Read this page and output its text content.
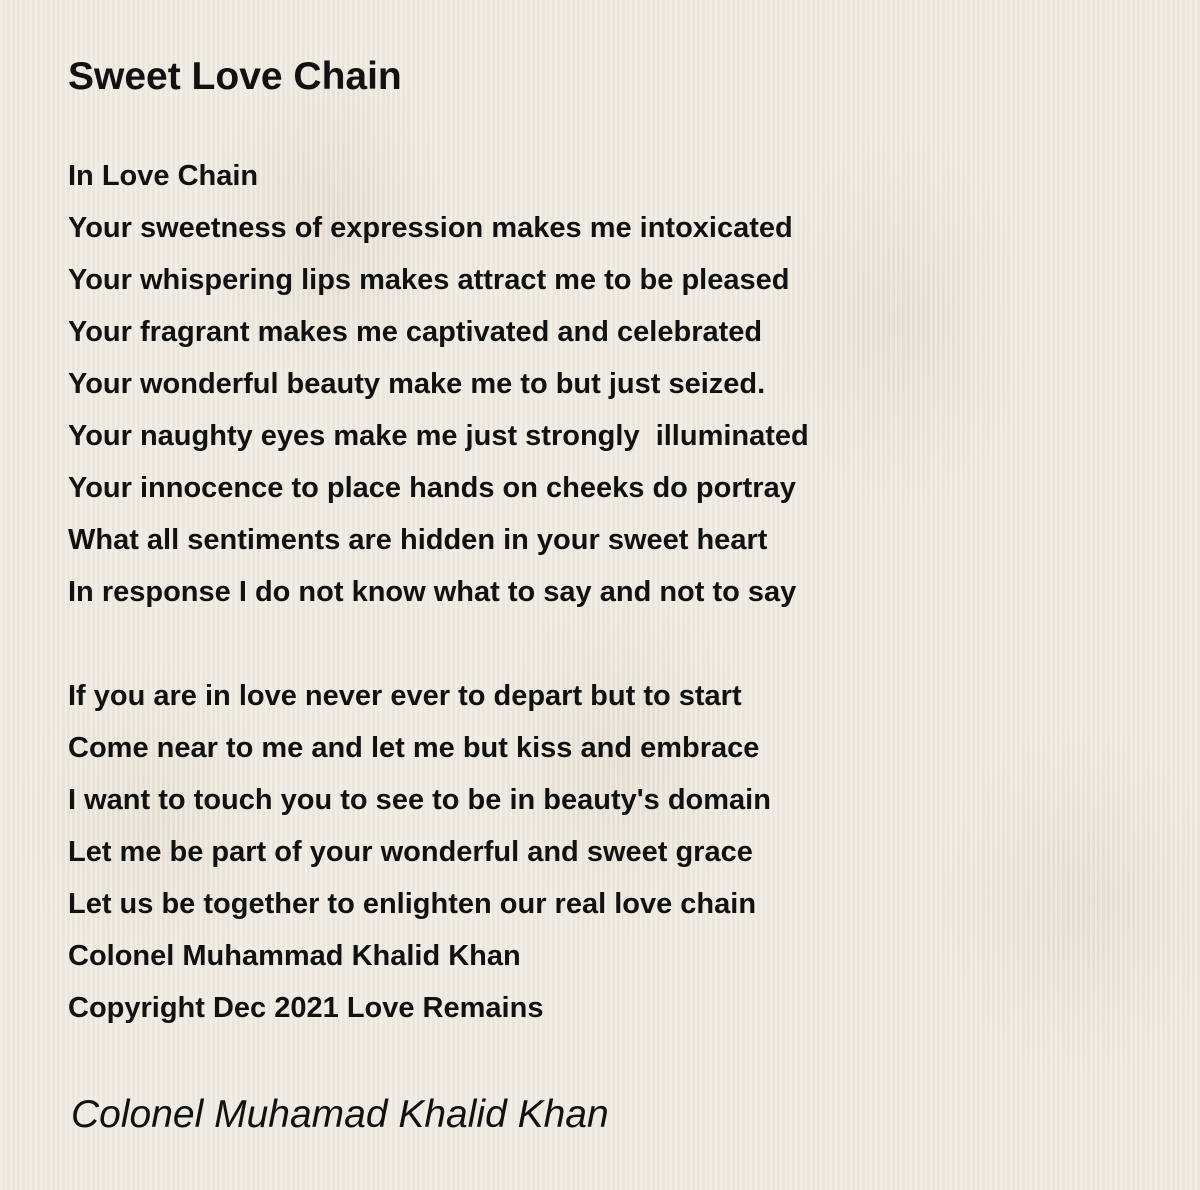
Sweet Love Chain
In Love Chain
Your sweetness of expression makes me intoxicated
Your whispering lips makes attract me to be pleased
Your fragrant makes me captivated and celebrated
Your wonderful beauty make me to but just seized.
Your naughty eyes make me just strongly  illuminated
Your innocence to place hands on cheeks do portray
What all sentiments are hidden in your sweet heart
In response I do not know what to say and not to say
If you are in love never ever to depart but to start
Come near to me and let me but kiss and embrace
I want to touch you to see to be in beauty's domain
Let me be part of your wonderful and sweet grace
Let us be together to enlighten our real love chain
Colonel Muhammad Khalid Khan
Copyright Dec 2021 Love Remains

Colonel Muhamad Khalid Khan
